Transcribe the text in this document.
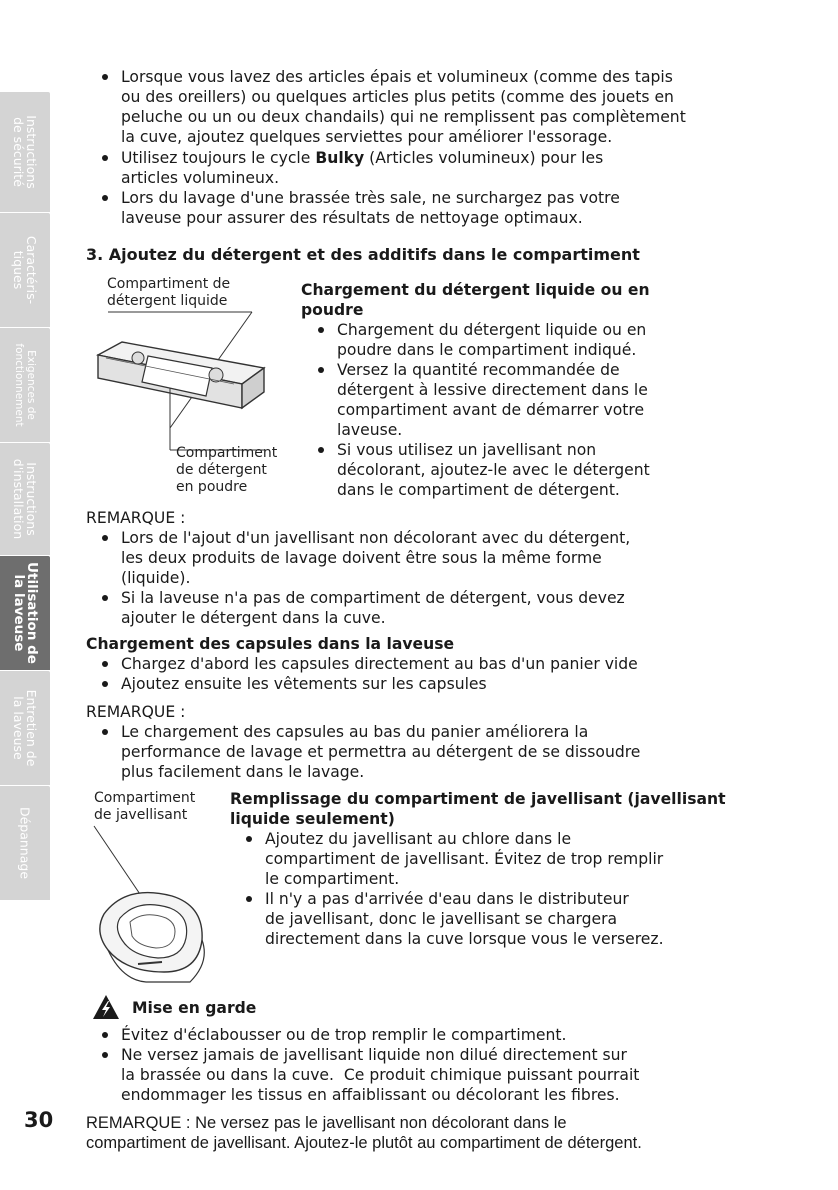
Instructions
de sécurité
Caractéris-
tiques
Exigences de
fonctionnement
Instructions
d'installation
Utilisation de
la laveuse
Entretien de
la laveuse
Dépannage
Lorsque vous lavez des articles épais et volumineux (comme des tapis
ou des oreillers) ou quelques articles plus petits (comme des jouets en
peluche ou un ou deux chandails) qui ne remplissent pas complètement
la cuve, ajoutez quelques serviettes pour améliorer l'essorage.
Utilisez toujours le cycle Bulky (Articles volumineux) pour les
articles volumineux.
Lors du lavage d'une brassée très sale, ne surchargez pas votre
laveuse pour assurer des résultats de nettoyage optimaux.
3. Ajoutez du détergent et des additifs dans le compartiment
Compartiment de
détergent liquide
Compartiment
de détergent
en poudre
Chargement du détergent liquide ou en
poudre
Chargement du détergent liquide ou en
poudre dans le compartiment indiqué.
Versez la quantité recommandée de
détergent à lessive directement dans le
compartiment avant de démarrer votre
laveuse.
Si vous utilisez un javellisant non
décolorant, ajoutez-le avec le détergent
dans le compartiment de détergent.
REMARQUE :
Lors de l'ajout d'un javellisant non décolorant avec du détergent,
les deux produits de lavage doivent être sous la même forme
(liquide).
Si la laveuse n'a pas de compartiment de détergent, vous devez
ajouter le détergent dans la cuve.
Chargement des capsules dans la laveuse
Chargez d'abord les capsules directement au bas d'un panier vide
Ajoutez ensuite les vêtements sur les capsules
REMARQUE :
Le chargement des capsules au bas du panier améliorera la
performance de lavage et permettra au détergent de se dissoudre
plus facilement dans le lavage.
Compartiment
de javellisant
Remplissage du compartiment de javellisant (javellisant
liquide seulement)
Ajoutez du javellisant au chlore dans le
compartiment de javellisant. Évitez de trop remplir
le compartiment.
Il n'y a pas d'arrivée d'eau dans le distributeur
de javellisant, donc le javellisant se chargera
directement dans la cuve lorsque vous le verserez.
Mise en garde
Évitez d'éclabousser ou de trop remplir le compartiment.
Ne versez jamais de javellisant liquide non dilué directement sur
la brassée ou dans la cuve.  Ce produit chimique puissant pourrait
endommager les tissus en affaiblissant ou décolorant les fibres.
30 REMARQUE : Ne versez pas le javellisant non décolorant dans le
compartiment de javellisant. Ajoutez-le plutôt au compartiment de détergent.
